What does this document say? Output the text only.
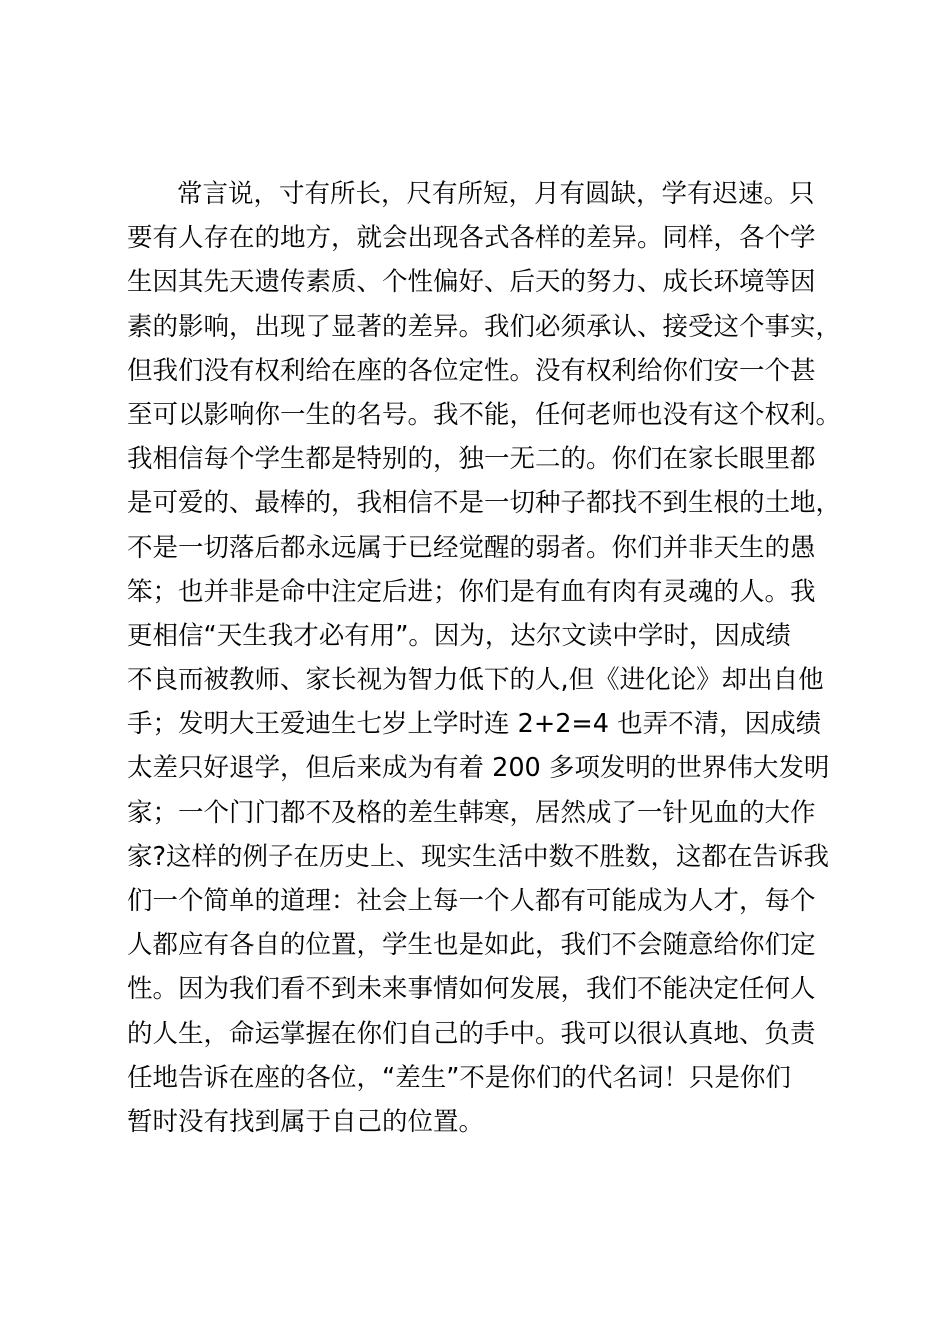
常言说，寸有所长，尺有所短，月有圆缺，学有迟速。只
要有人存在的地方，就会出现各式各样的差异。同样，各个学
生因其先天遗传素质、个性偏好、后天的努力、成长环境等因
素的影响，出现了显著的差异。我们必须承认、接受这个事实，
但我们没有权利给在座的各位定性。没有权利给你们安一个甚
至可以影响你一生的名号。我不能，任何老师也没有这个权利。
我相信每个学生都是特别的，独一无二的。你们在家长眼里都
是可爱的、最棒的，我相信不是一切种子都找不到生根的土地，
不是一切落后都永远属于已经觉醒的弱者。你们并非天生的愚
笨；也并非是命中注定后进；你们是有血有肉有灵魂的人。我
更相信“天生我才必有用”。因为，达尔文读中学时，因成绩
不良而被教师、家长视为智力低下的人,但《进化论》却出自他
手；发明大王爱迪生七岁上学时连 2+2=4 也弄不清，因成绩
太差只好退学，但后来成为有着 200 多项发明的世界伟大发明
家；一个门门都不及格的差生韩寒，居然成了一针见血的大作
家?这样的例子在历史上、现实生活中数不胜数，这都在告诉我
们一个简单的道理：社会上每一个人都有可能成为人才，每个
人都应有各自的位置，学生也是如此，我们不会随意给你们定
性。因为我们看不到未来事情如何发展，我们不能决定任何人
的人生，命运掌握在你们自己的手中。我可以很认真地、负责
任地告诉在座的各位，“差生”不是你们的代名词！只是你们
暂时没有找到属于自己的位置。
